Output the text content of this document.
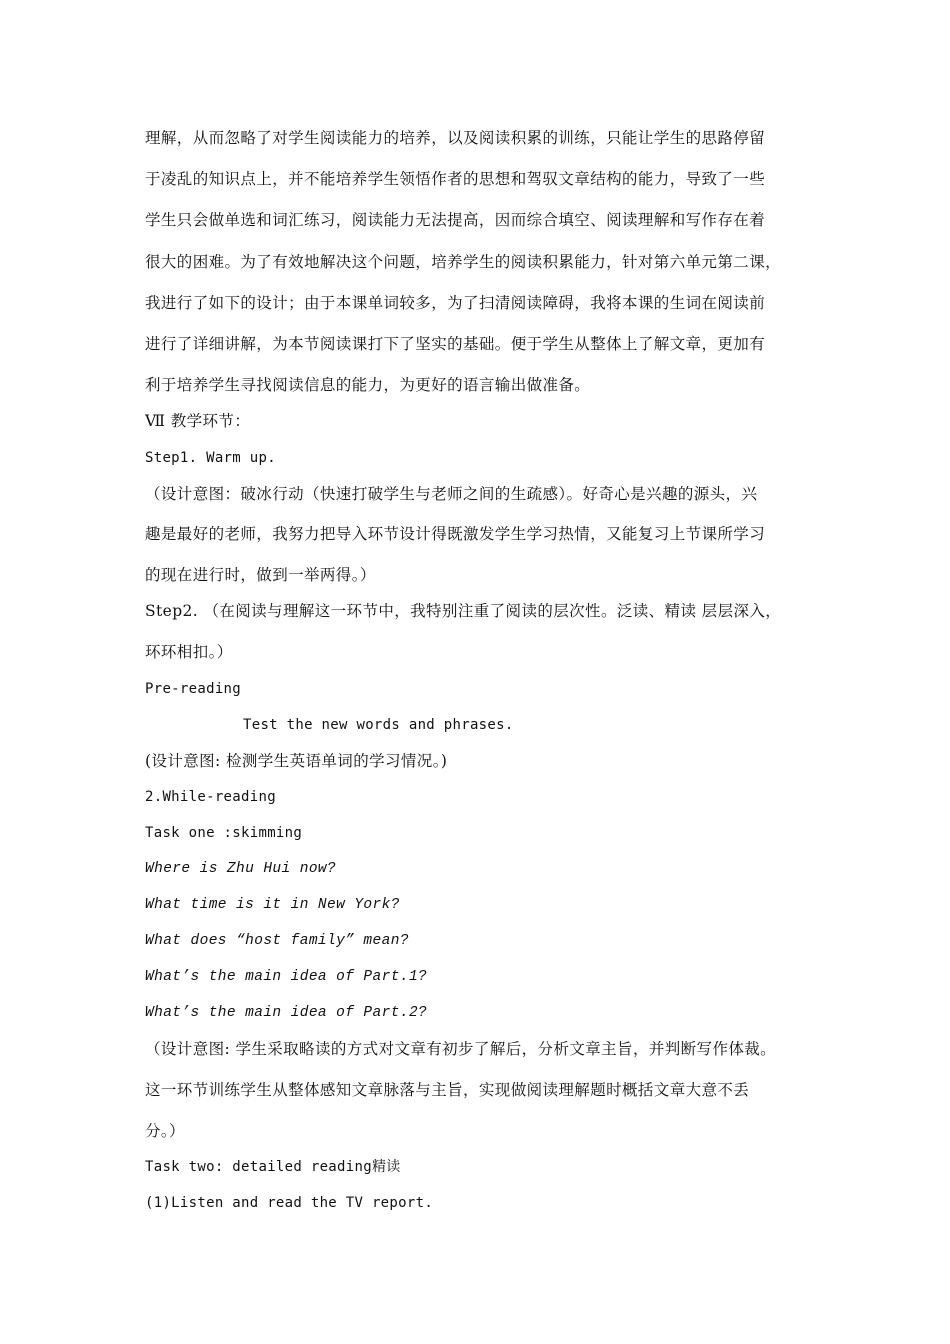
理解，从而忽略了对学生阅读能力的培养，以及阅读积累的训练，只能让学生的思路停留
于凌乱的知识点上，并不能培养学生领悟作者的思想和驾驭文章结构的能力，导致了一些
学生只会做单选和词汇练习，阅读能力无法提高，因而综合填空、阅读理解和写作存在着
很大的困难。为了有效地解决这个问题，培养学生的阅读积累能力，针对第六单元第二课，
我进行了如下的设计；由于本课单词较多，为了扫清阅读障碍，我将本课的生词在阅读前
进行了详细讲解，为本节阅读课打下了坚实的基础。便于学生从整体上了解文章，更加有
利于培养学生寻找阅读信息的能力，为更好的语言输出做准备。
Ⅶ 教学环节：
Step1. Warm up.
（设计意图：破冰行动（快速打破学生与老师之间的生疏感）。好奇心是兴趣的源头，兴
趣是最好的老师，我努力把导入环节设计得既激发学生学习热情，又能复习上节课所学习
的现在进行时，做到一举两得。）
Step2. （在阅读与理解这一环节中，我特别注重了阅读的层次性。泛读、精读 层层深入，
环环相扣。）
Pre-reading
Test the new words and phrases.
(设计意图: 检测学生英语单词的学习情况。)
2.While-reading
Task one :skimming
Where is Zhu Hui now?
What time is it in New York?
What does “host family” mean?
What’s the main idea of Part.1?
What’s the main idea of Part.2?
（设计意图: 学生采取略读的方式对文章有初步了解后，分析文章主旨，并判断写作体裁。
这一环节训练学生从整体感知文章脉落与主旨，实现做阅读理解题时概括文章大意不丢
分。）
Task two: detailed reading精读
(1)Listen and read the TV report.
